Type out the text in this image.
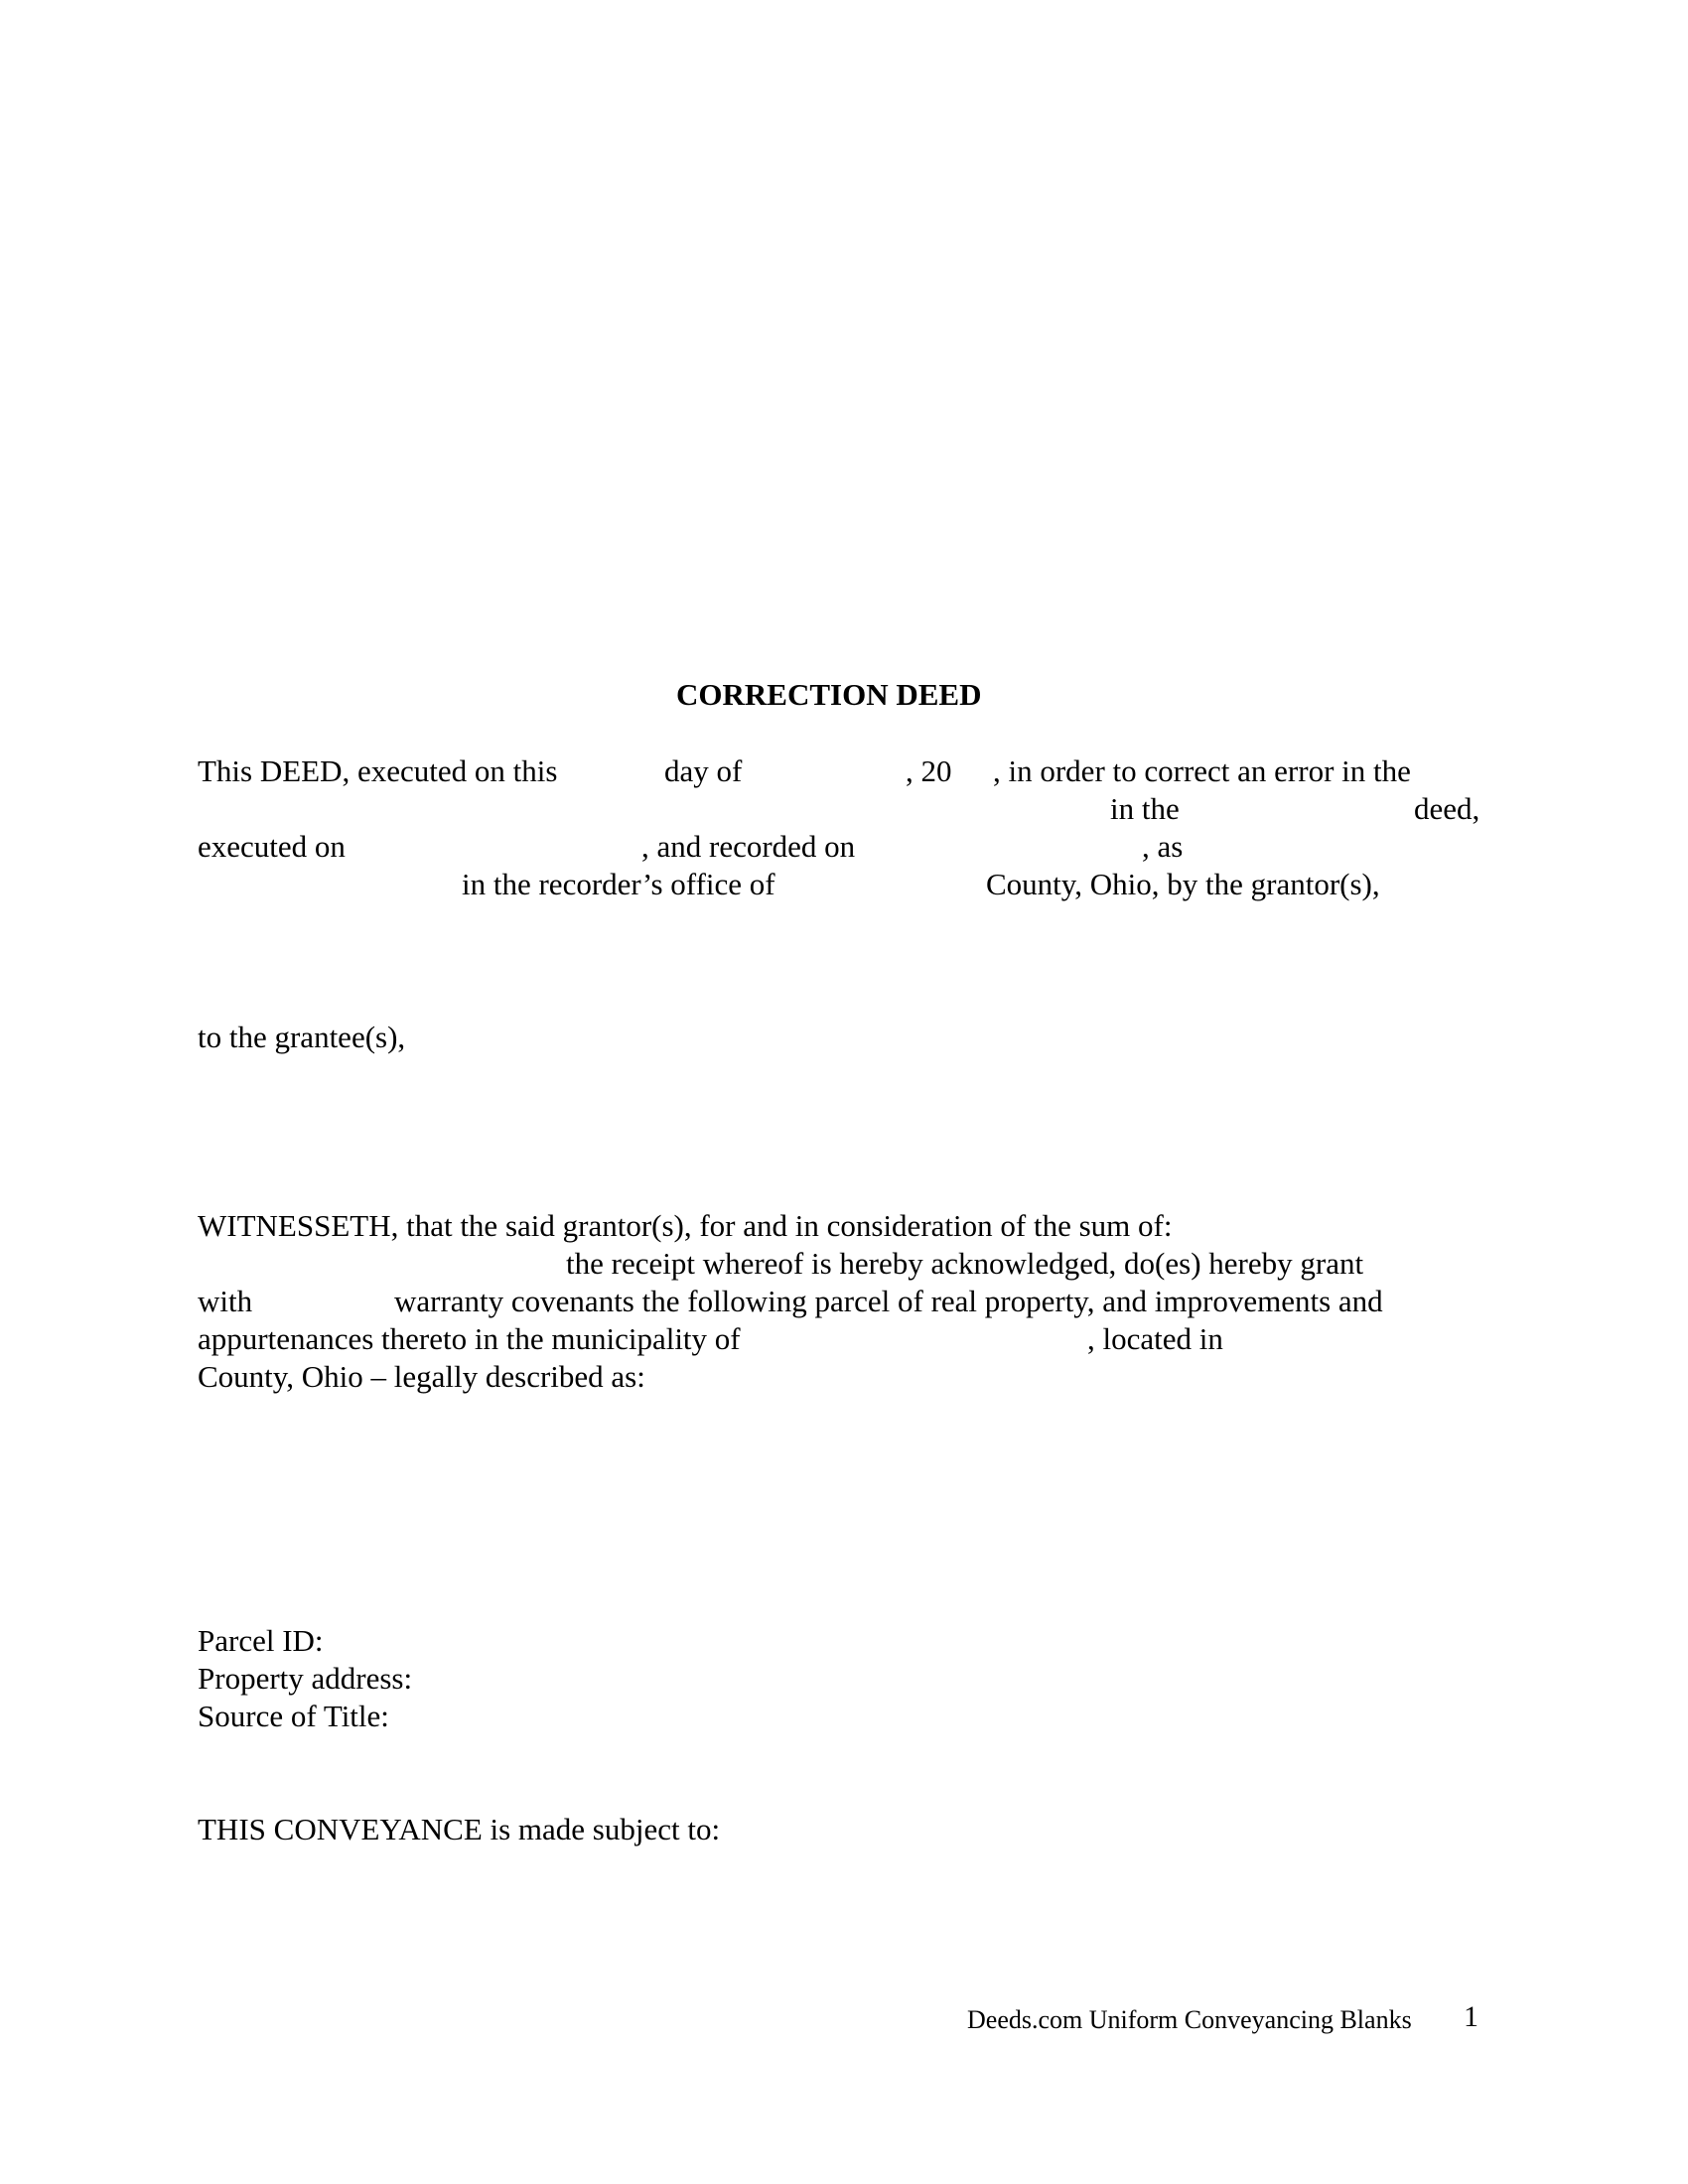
CORRECTION DEED
This DEED, executed on this	day of	, 20 , in order to correct an error in the
in the	deed,
executed on	, and recorded on	, as
in the recorder’s office of	County, Ohio, by the grantor(s),
to the grantee(s),
WITNESSETH, that the said grantor(s), for and in consideration of the sum of:
the receipt whereof is hereby acknowledged, do(es) hereby grant
with	warranty covenants the following parcel of real property, and improvements and
appurtenances thereto in the municipality of	, located in
County, Ohio – legally described as:
Parcel ID:
Property address:
Source of Title:
THIS CONVEYANCE is made subject to:
Deeds.com Uniform Conveyancing Blanks 1
